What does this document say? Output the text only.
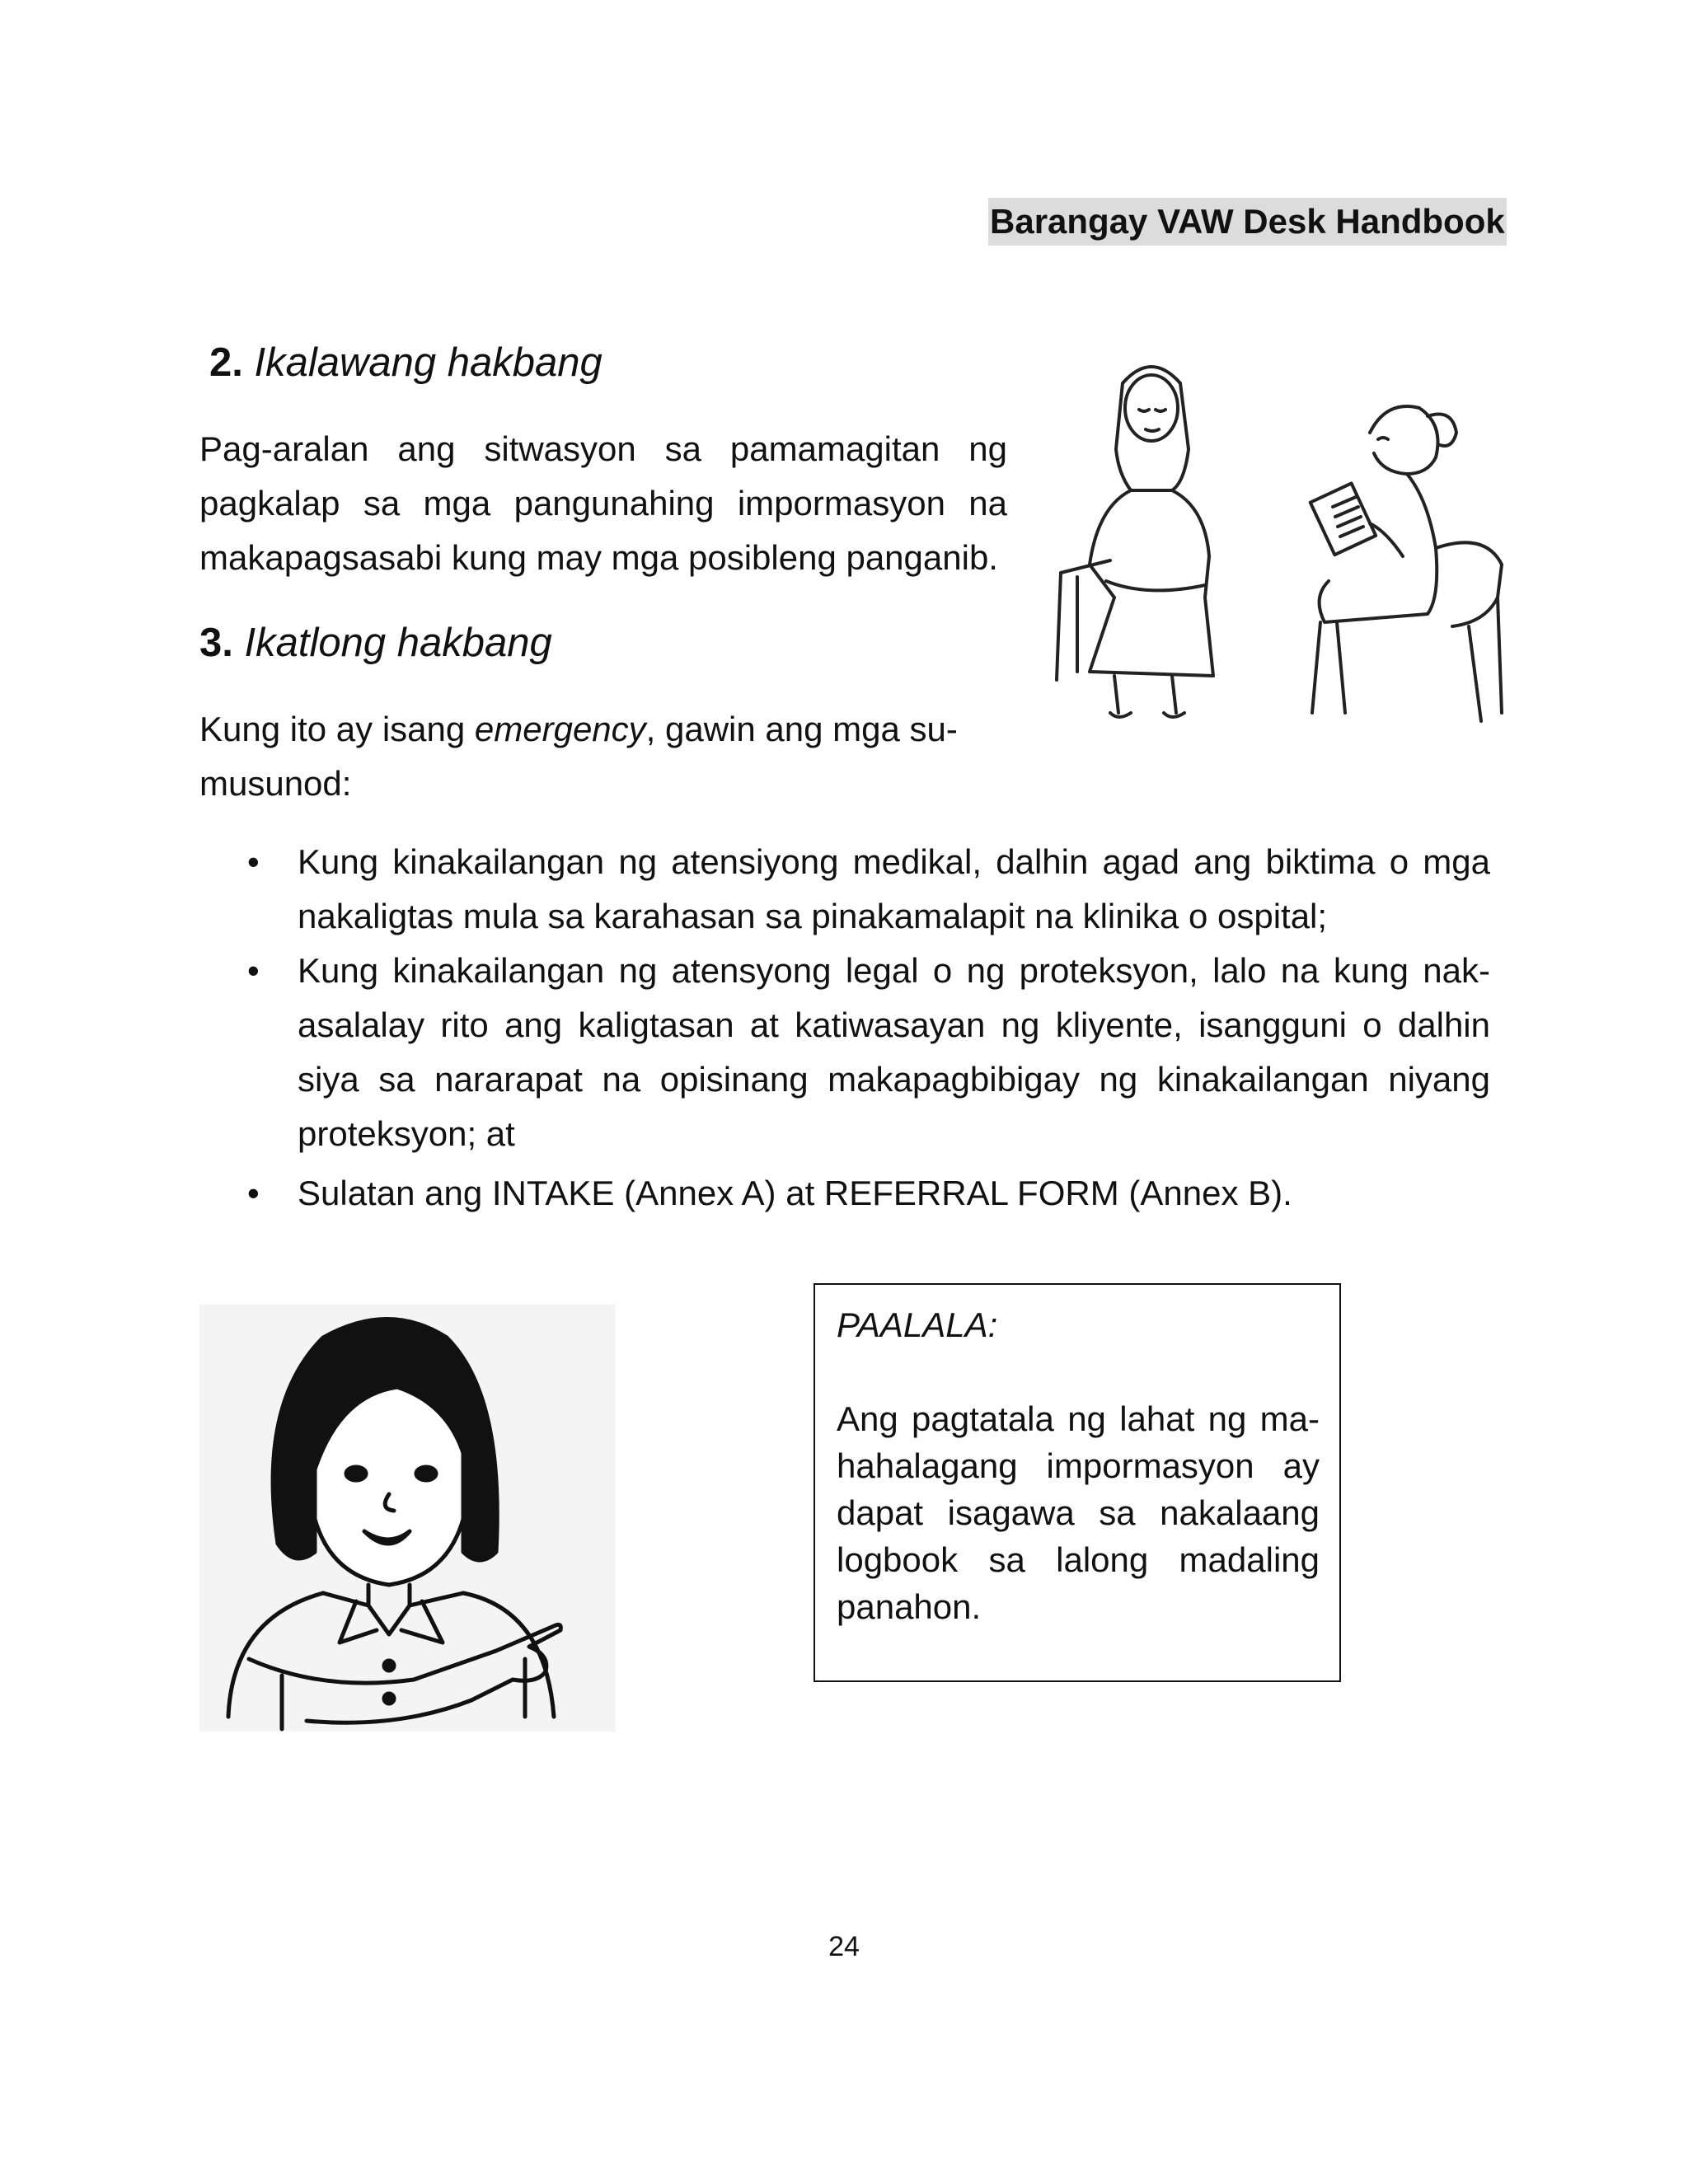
Barangay VAW Desk Handbook
2. Ikalawang hakbang
Pag-aralan ang sitwasyon sa pamamagitan ng pagkalap sa mga pangunahing impormasyon na makapagsasabi kung may mga posibleng panganib.
3. Ikatlong hakbang
Kung ito ay isang emergency, gawin ang mga su-
musunod:
• Kung kinakailangan ng atensiyong medikal, dalhin agad ang biktima o mga nakaligtas mula sa karahasan sa pinakamalapit na klinika o ospital;
• Kung kinakailangan ng atensyong legal o ng proteksyon, lalo na kung nakasalalay rito ang kaligtasan at katiwasayan ng kliyente, isangguni o dalhin siya sa nararapat na opisinang makapagbibigay ng kinakailangan niyang proteksyon; at
• Sulatan ang INTAKE (Annex A) at REFERRAL FORM (Annex B).
PAALALA:
Ang pagtatala ng lahat ng mahahalagang impormasyon ay dapat isagawa sa nakalaang logbook sa lalong madaling panahon.
24
